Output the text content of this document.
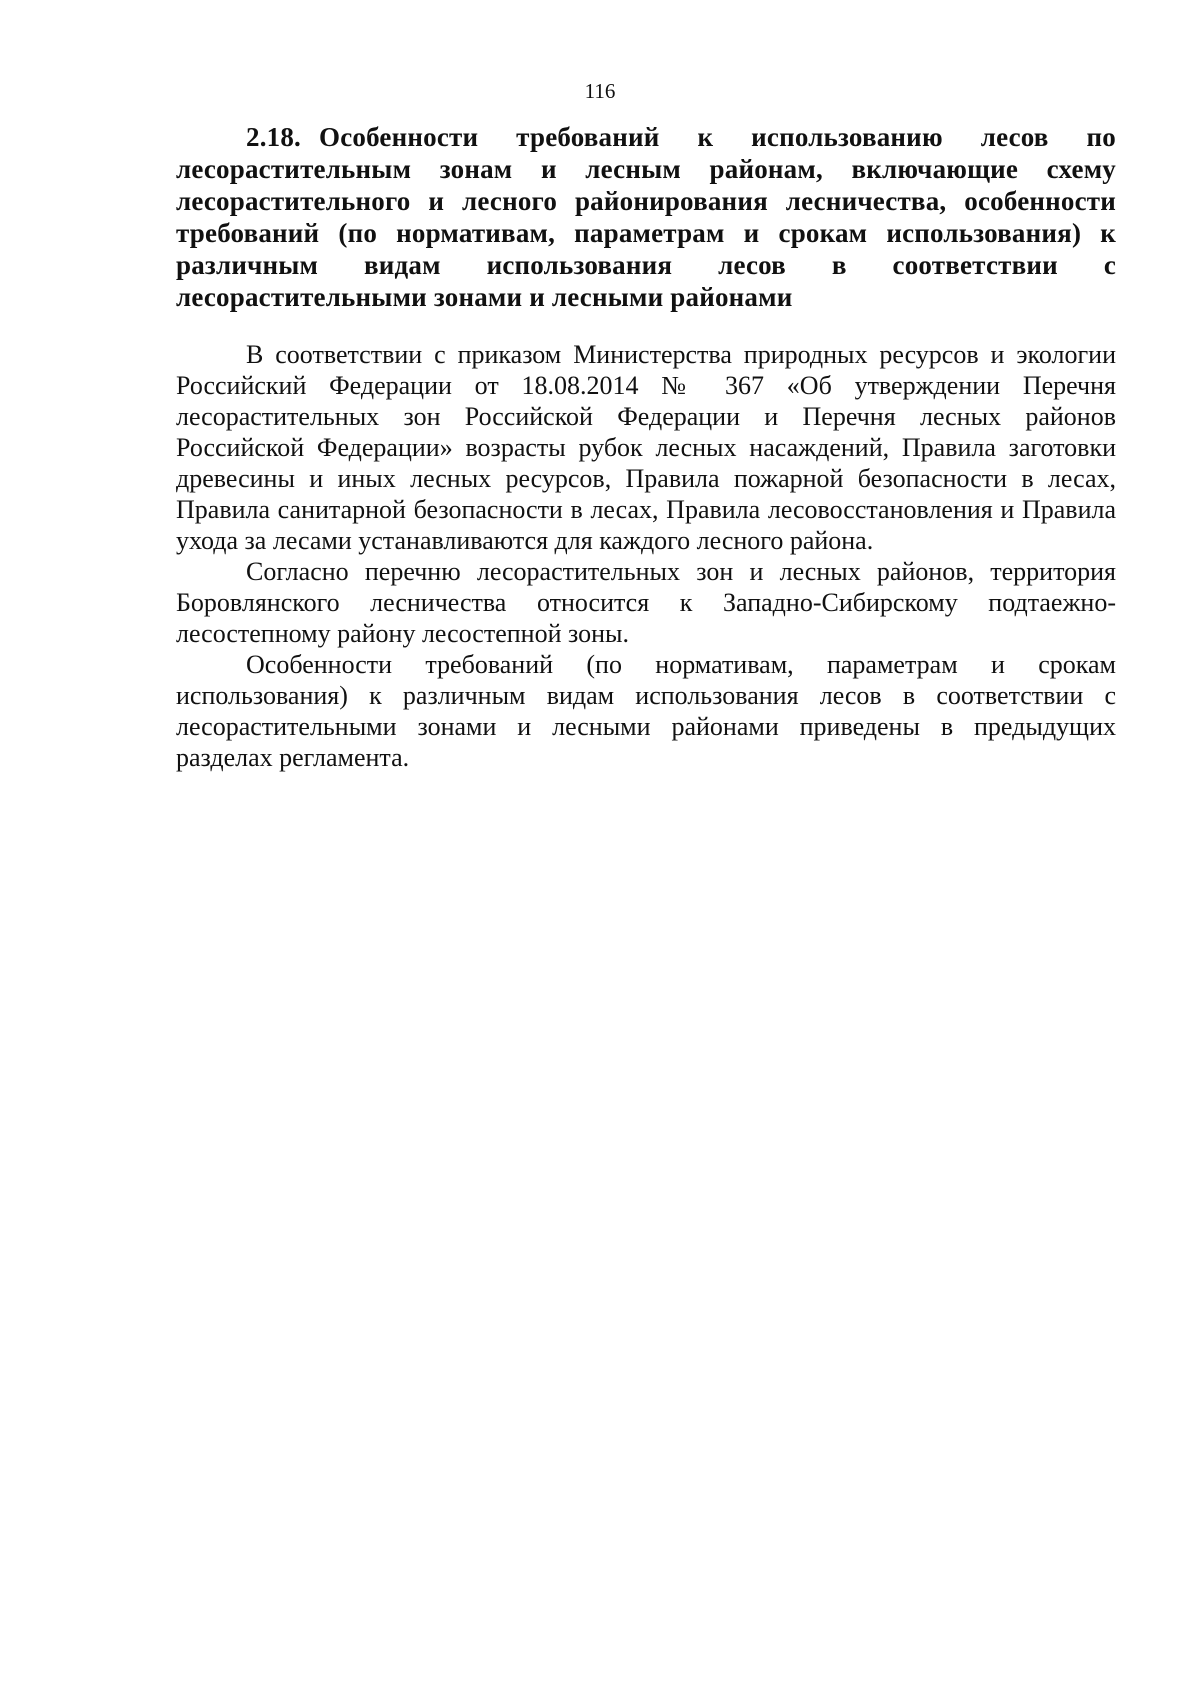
116
2.18. Особенности требований к использованию лесов по лесорастительным зонам и лесным районам, включающие схему лесорастительного и лесного районирования лесничества, особенности требований (по нормативам, параметрам и срокам использования) к различным видам использования лесов в соответствии с лесорастительными зонами и лесными районами

В соответствии с приказом Министерства природных ресурсов и экологии Российский Федерации от 18.08.2014 № 367 «Об утверждении Перечня лесорастительных зон Российской Федерации и Перечня лесных районов Российской Федерации» возрасты рубок лесных насаждений, Правила заготовки древесины и иных лесных ресурсов, Правила пожарной безопасности в лесах, Правила санитарной безопасности в лесах, Правила лесовосстановления и Правила ухода за лесами устанавливаются для каждого лесного района.

Согласно перечню лесорастительных зон и лесных районов, территория Боровлянского лесничества относится к Западно-Сибирскому подтаежно-лесостепному району лесостепной зоны.

Особенности требований (по нормативам, параметрам и срокам использования) к различным видам использования лесов в соответствии с лесорастительными зонами и лесными районами приведены в предыдущих разделах регламента.
